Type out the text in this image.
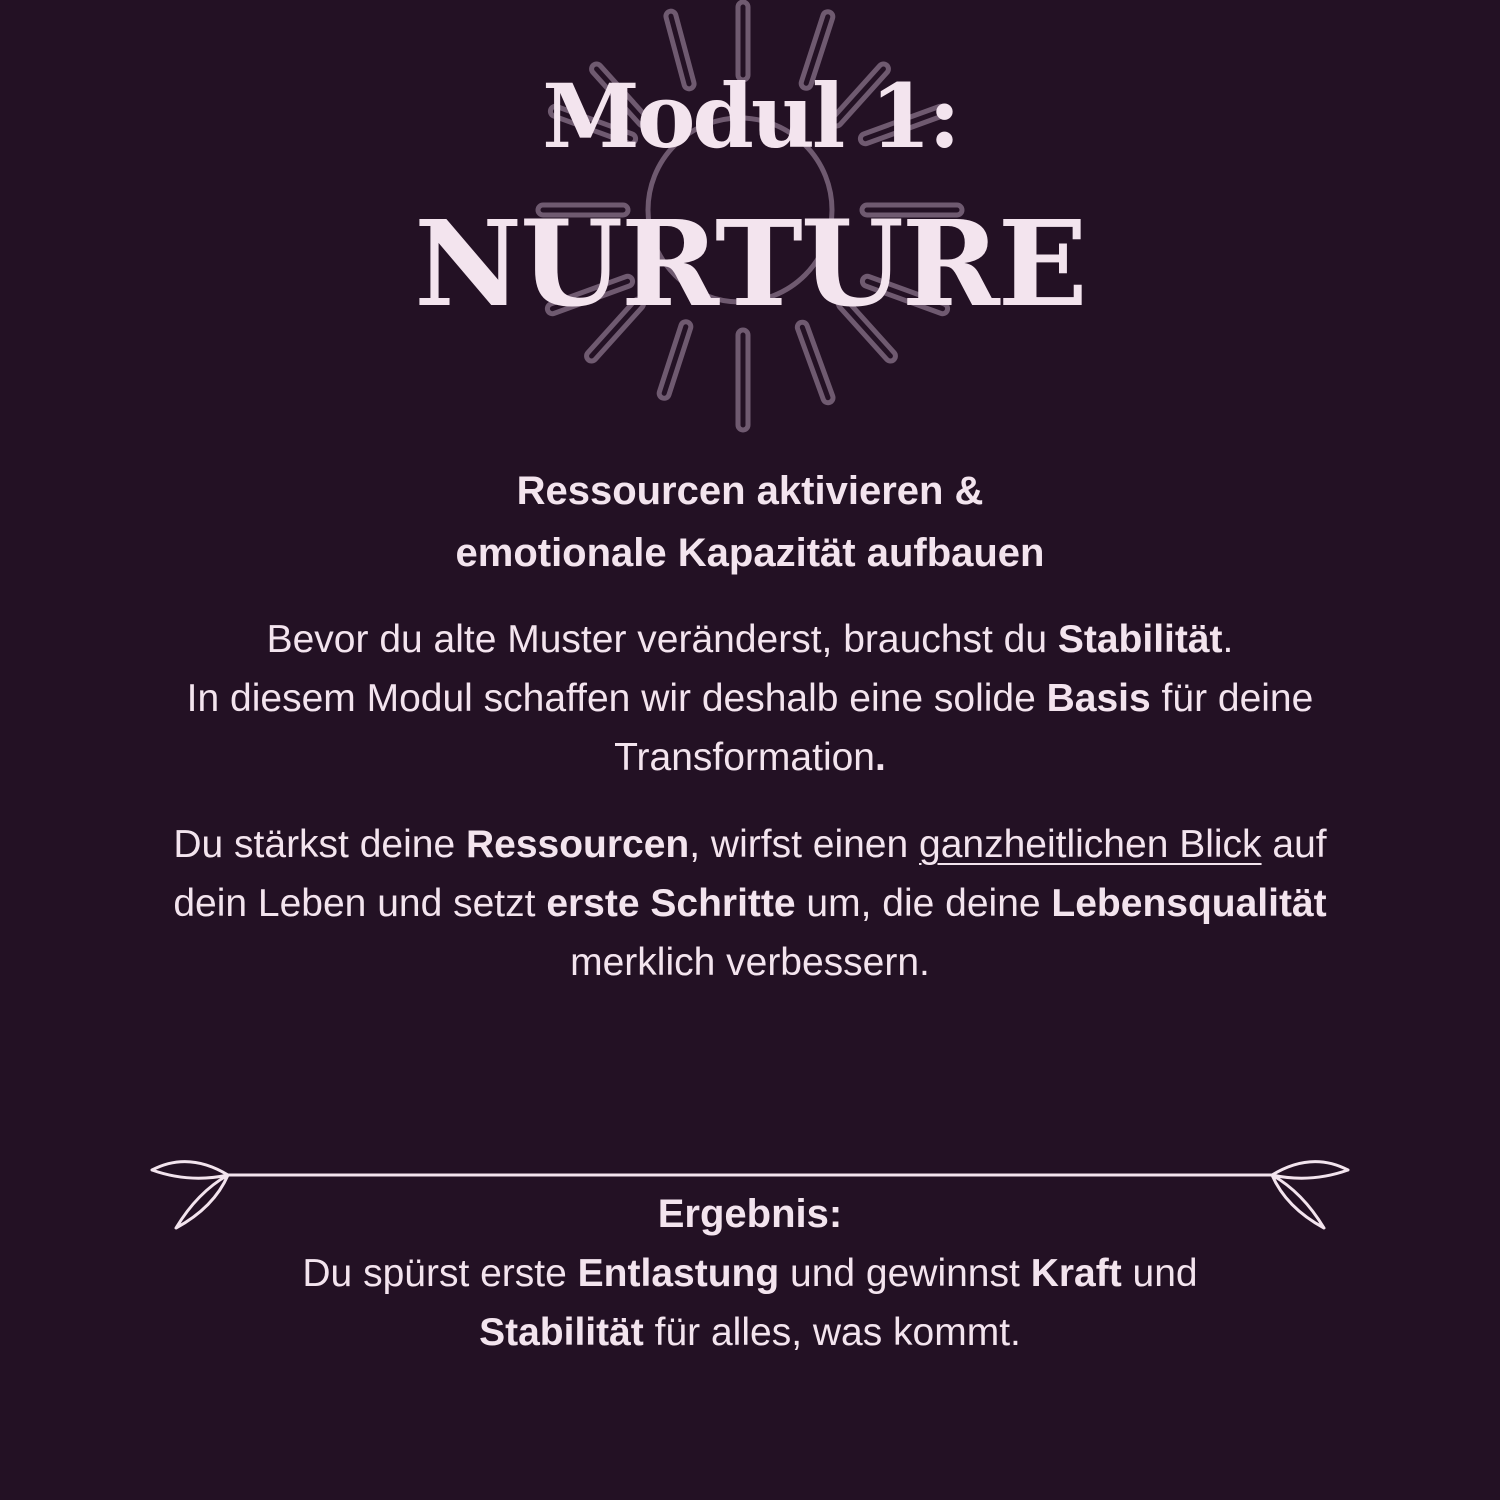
Modul 1:
NURTURE
Ressourcen aktivieren &
emotionale Kapazität aufbauen
Bevor du alte Muster veränderst, brauchst du Stabilität.
In diesem Modul schaffen wir deshalb eine solide Basis für deine Transformation.
Du stärkst deine Ressourcen, wirfst einen ganzheitlichen Blick auf dein Leben und setzt erste Schritte um, die deine Lebensqualität merklich verbessern.
Ergebnis:
Du spürst erste Entlastung und gewinnst Kraft und
Stabilität für alles, was kommt.
